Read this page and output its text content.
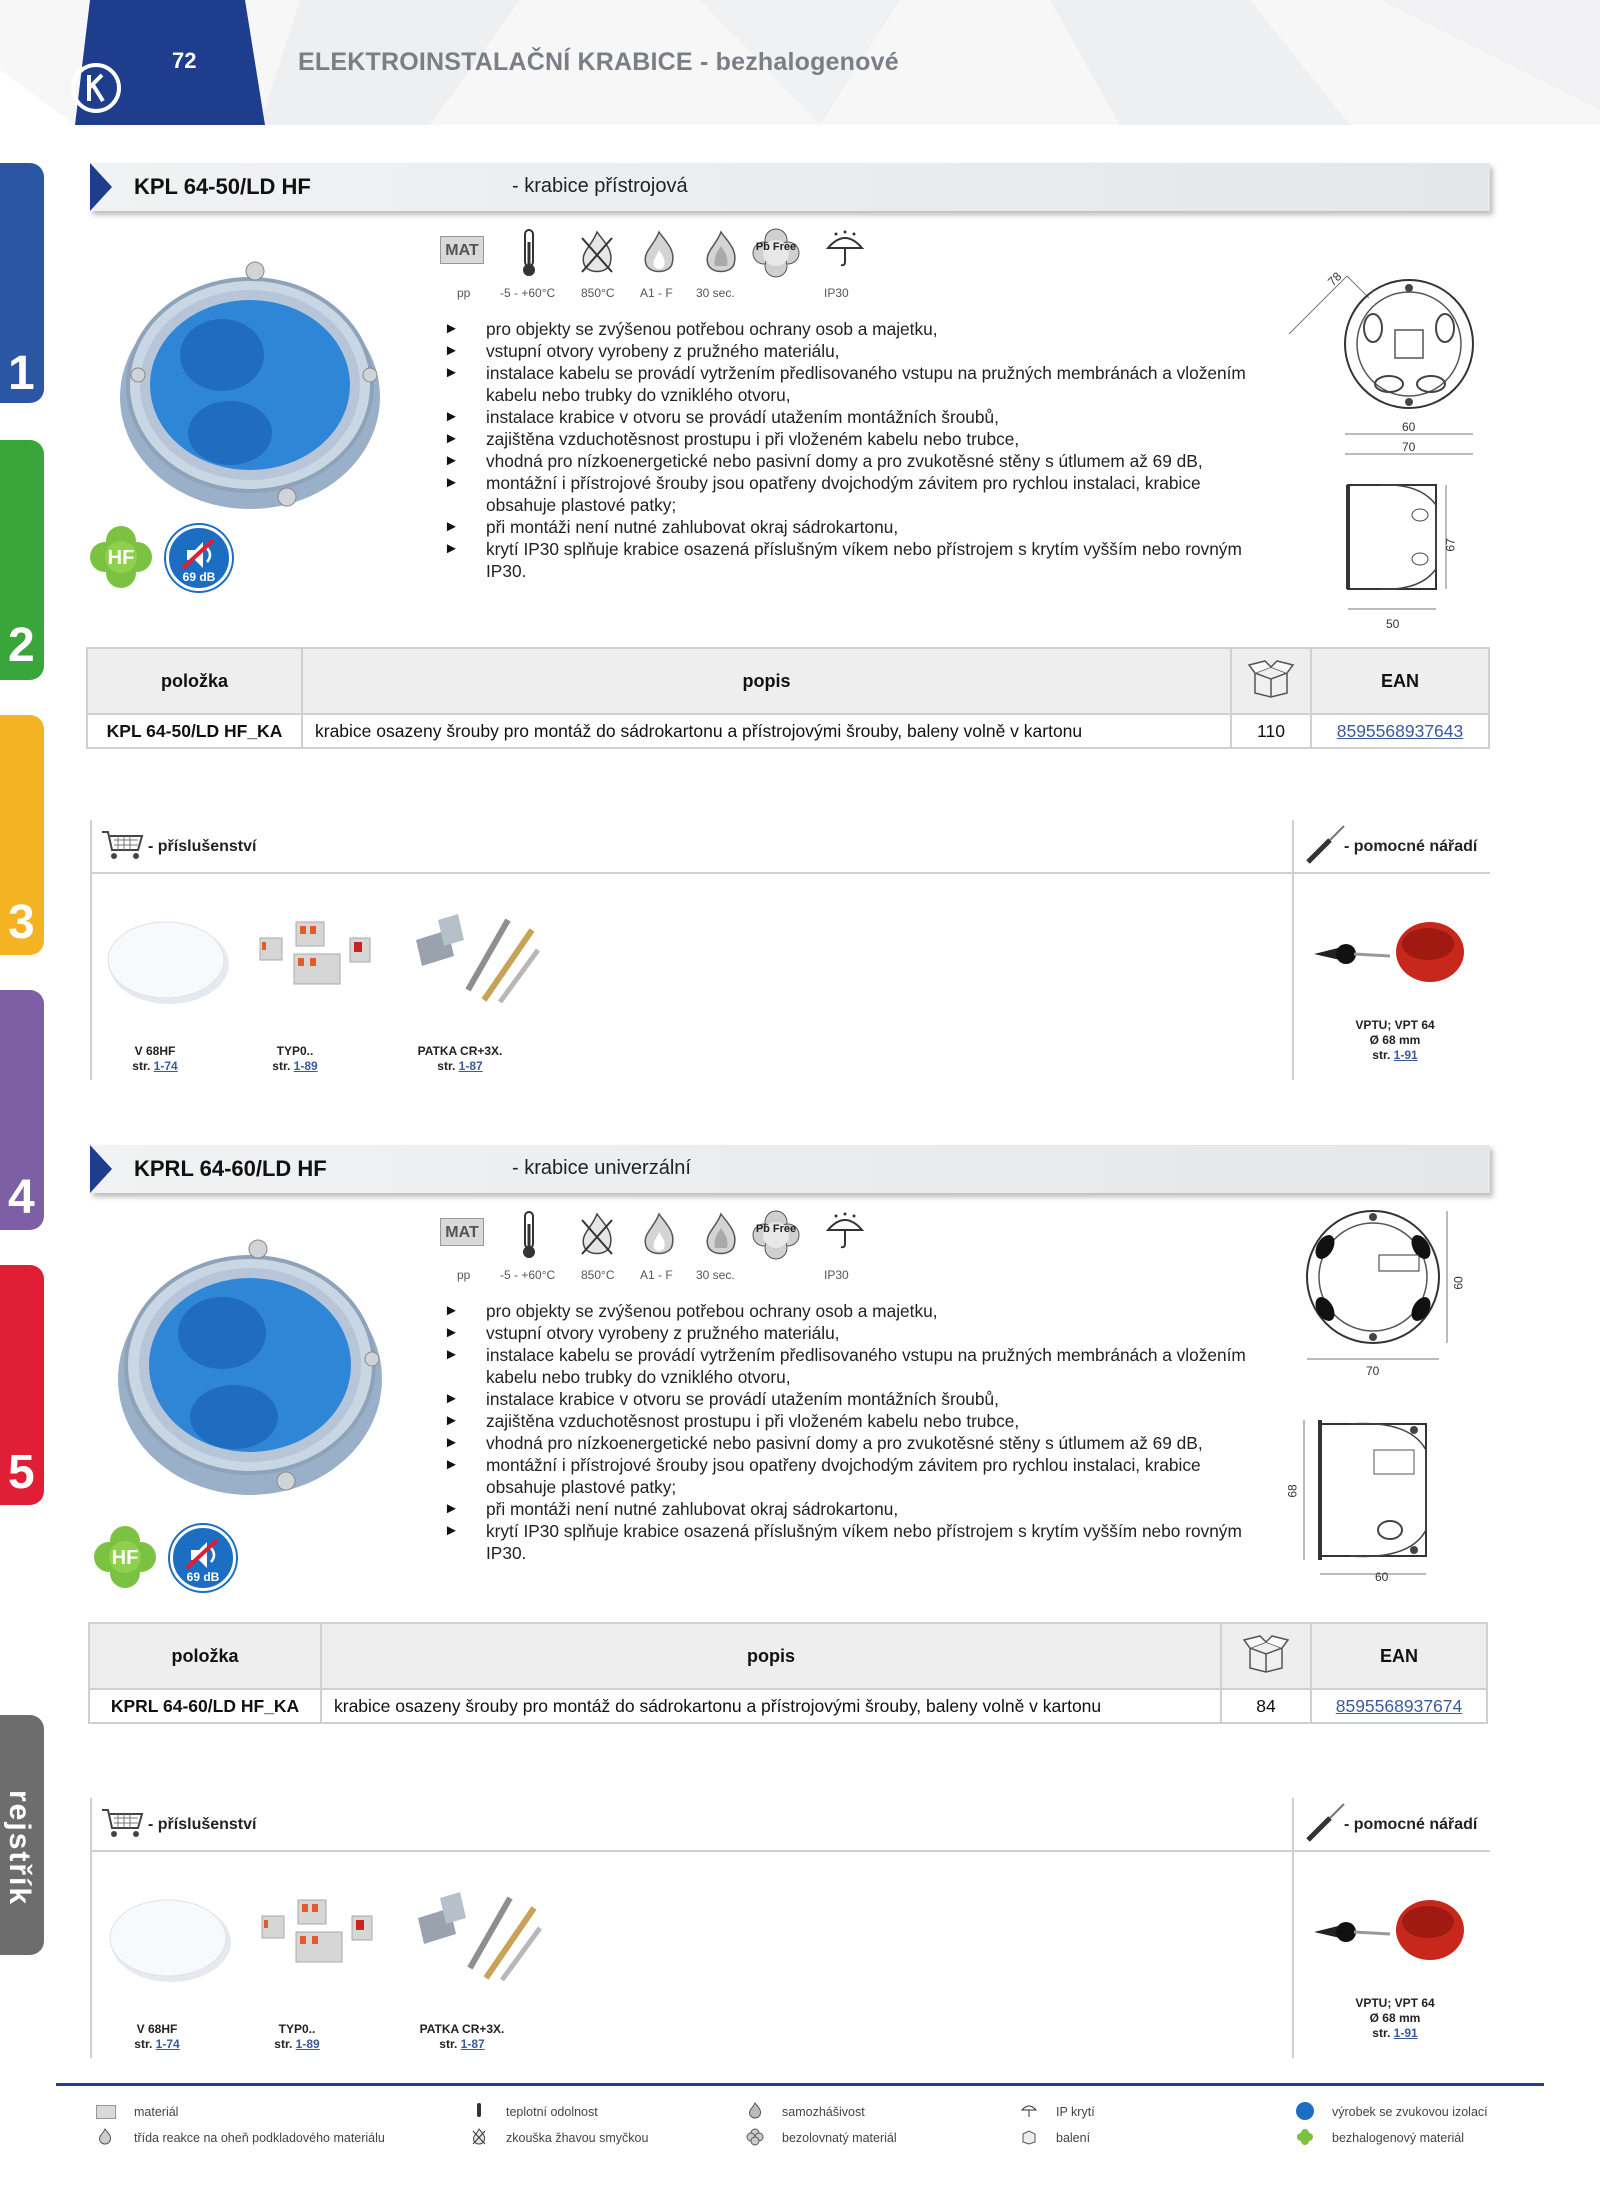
72	ELEKTROINSTALAČNÍ KRABICE - bezhalogenové
1
2
3
4
5
rejstřík
KPL 64-50/LD HF	- krabice přístrojová
HF
69 dB
MAT	Pb Free
pp -5 - +60°C 850°C A1 - F 30 sec.	IP30
► pro objekty se zvýšenou potřebou ochrany osob a majetku,
► vstupní otvory vyrobeny z pružného materiálu,
► instalace kabelu se provádí vytržením předlisovaného vstupu na pružných membránách a vložením kabelu nebo trubky do vzniklého otvoru,
► instalace krabice v otvoru se provádí utažením montážních šroubů,
► zajištěna vzduchotěsnost prostupu i při vloženém kabelu nebo trubce,
► vhodná pro nízkoenergetické nebo pasivní domy a pro zvukotěsné stěny s útlumem až 69 dB,
► montážní i přístrojové šrouby jsou opatřeny dvojchodým závitem pro rychlou instalaci, krabice obsahuje plastové patky;
► při montáži není nutné zahlubovat okraj sádrokartonu,
► krytí IP30 splňuje krabice osazená příslušným víkem nebo přístrojem s krytím vyšším nebo rovným IP30.
78
60
70
67
50
položka	popis		EAN
KPL 64-50/LD HF_KA	krabice osazeny šrouby pro montáž do sádrokartonu a přístrojovými šrouby, baleny volně v kartonu	110	8595568937643
- příslušenství	- pomocné nářadí
V 68HF
str. 1-74
TYP0..
str. 1-89
PATKA CR+3X.
str. 1-87
VPTU; VPT 64
Ø 68 mm
str. 1-91
KPRL 64-60/LD HF	- krabice univerzální
HF
69 dB
MAT	Pb Free
pp -5 - +60°C 850°C A1 - F 30 sec.	IP30
► pro objekty se zvýšenou potřebou ochrany osob a majetku,
► vstupní otvory vyrobeny z pružného materiálu,
► instalace kabelu se provádí vytržením předlisovaného vstupu na pružných membránách a vložením kabelu nebo trubky do vzniklého otvoru,
► instalace krabice v otvoru se provádí utažením montážních šroubů,
► zajištěna vzduchotěsnost prostupu i při vloženém kabelu nebo trubce,
► vhodná pro nízkoenergetické nebo pasivní domy a pro zvukotěsné stěny s útlumem až 69 dB,
► montážní i přístrojové šrouby jsou opatřeny dvojchodým závitem pro rychlou instalaci, krabice obsahuje plastové patky;
► při montáži není nutné zahlubovat okraj sádrokartonu,
► krytí IP30 splňuje krabice osazená příslušným víkem nebo přístrojem s krytím vyšším nebo rovným IP30.
60
70
68
60
položka	popis		EAN
KPRL 64-60/LD HF_KA	krabice osazeny šrouby pro montáž do sádrokartonu a přístrojovými šrouby, baleny volně v kartonu	84	8595568937674
- příslušenství	- pomocné nářadí
V 68HF
str. 1-74
TYP0..
str. 1-89
PATKA CR+3X.
str. 1-87
VPTU; VPT 64
Ø 68 mm
str. 1-91
materiál	teplotní odolnost	samozhášivost	IP krytí	výrobek se zvukovou izolací
třída reakce na oheň podkladového materiálu	zkouška žhavou smyčkou	bezolovnatý materiál	balení	bezhalogenový materiál
